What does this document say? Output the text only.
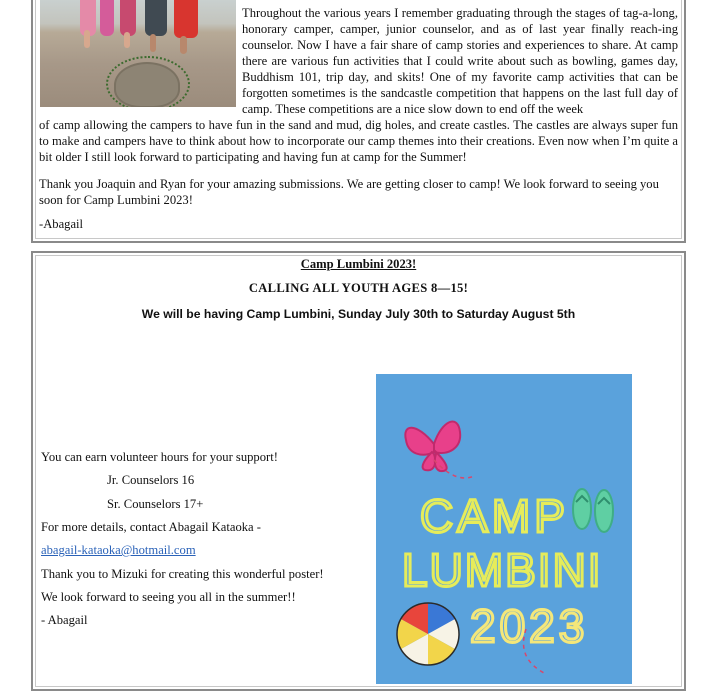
Throughout the various years I remember graduating through the stages of tag-a-long, honorary camper, camper, junior counselor, and as of last year finally reach-ing counselor. Now I have a fair share of camp stories and experiences to share. At camp there are various fun activities that I could write about such as bowling, games day, Buddhism 101, trip day, and skits! One of my favorite camp activities that can be forgotten sometimes is the sandcastle competition that happens on the last full day of camp. These competitions are a nice slow down to end off the week

of camp allowing the campers to have fun in the sand and mud, dig holes, and create castles. The castles are always super fun to make and campers have to think about how to incorporate our camp themes into their creations. Even now when I’m quite a bit older I still look forward to participating and having fun at camp for the Summer!

Thank you Joaquin and Ryan for your amazing submissions. We are getting closer to camp! We look forward to seeing you soon for Camp Lumbini 2023!

-Abagail

Camp Lumbini 2023!
CALLING ALL YOUTH AGES 8—15!
We will be having Camp Lumbini, Sunday July 30th to Saturday August 5th
You can earn volunteer hours for your support!
Jr. Counselors 16
Sr. Counselors 17+
For more details, contact Abagail Kataoka -
abagail-kataoka@hotmail.com
Thank you to Mizuki for creating this wonderful poster!
We look forward to seeing you all in the summer!!
- Abagail
CAMP
LUMBINI
2023
